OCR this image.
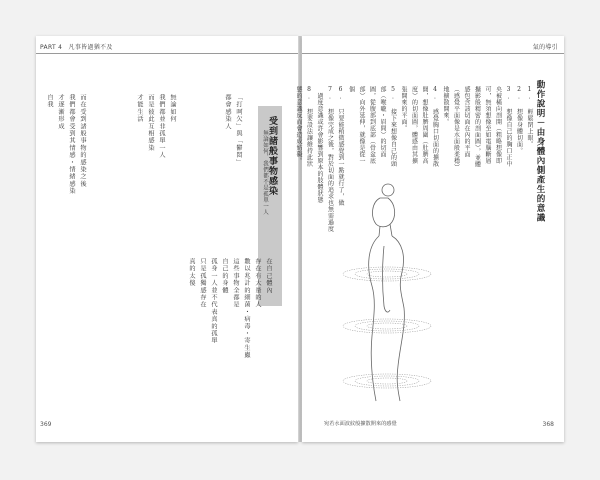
PART 4　凡事皆過猶不及
受到諸般事物感染
無論如何，我們都不是孤單一人
在自己體內
存在有大量的人
數以兆計的細菌・病毒・寄生蟲
這些事物全都是
自己的身體
孤身一人並不代表真的孤單
只是孤獨感存在
真的太傻
「打呵欠」與「鬱悶」
都會感染人
無論如何
我們都並非孤單一人
而是彼此互相感染
才能生活
而在受到諸般事物的感染之後
我們都會受到其情感・情緒感染
才逐漸形成
自我
369
氣的導引
動作說明－由身體內側產生的意識
1. 輕鬆閉上眼。
2. 想像身體切面。
3. 想像自己的胸口正中央被橫向剖開（粗略想像即可，無須想像至如電腦斷層攝影般精密的剖面圖），並體感包含該切面在內的平面（感覺平面像是水面般柔穩）地擴散開來。
4. 感覺胸口切面的擴散開，想像肚臍周圍（肚臍高度）的切面圖，體感由其擴張開來的平面。
5. 接下來想像自己的頭部（喉嚨・眉間）的切面圖，從腹部到底部（骨盆底部）向外延伸，就像是從一個
6. 只要能稍微感覺到一點就行了，做
7. 想像完成之後，對於切面的追求也無需過度
　過度意識或許會影響到原本的肢體狀態
8. 想要設法讓維持此狀態的意識反而會造成妨礙。
宛若水面波紋般擴散開來的感覺	368
